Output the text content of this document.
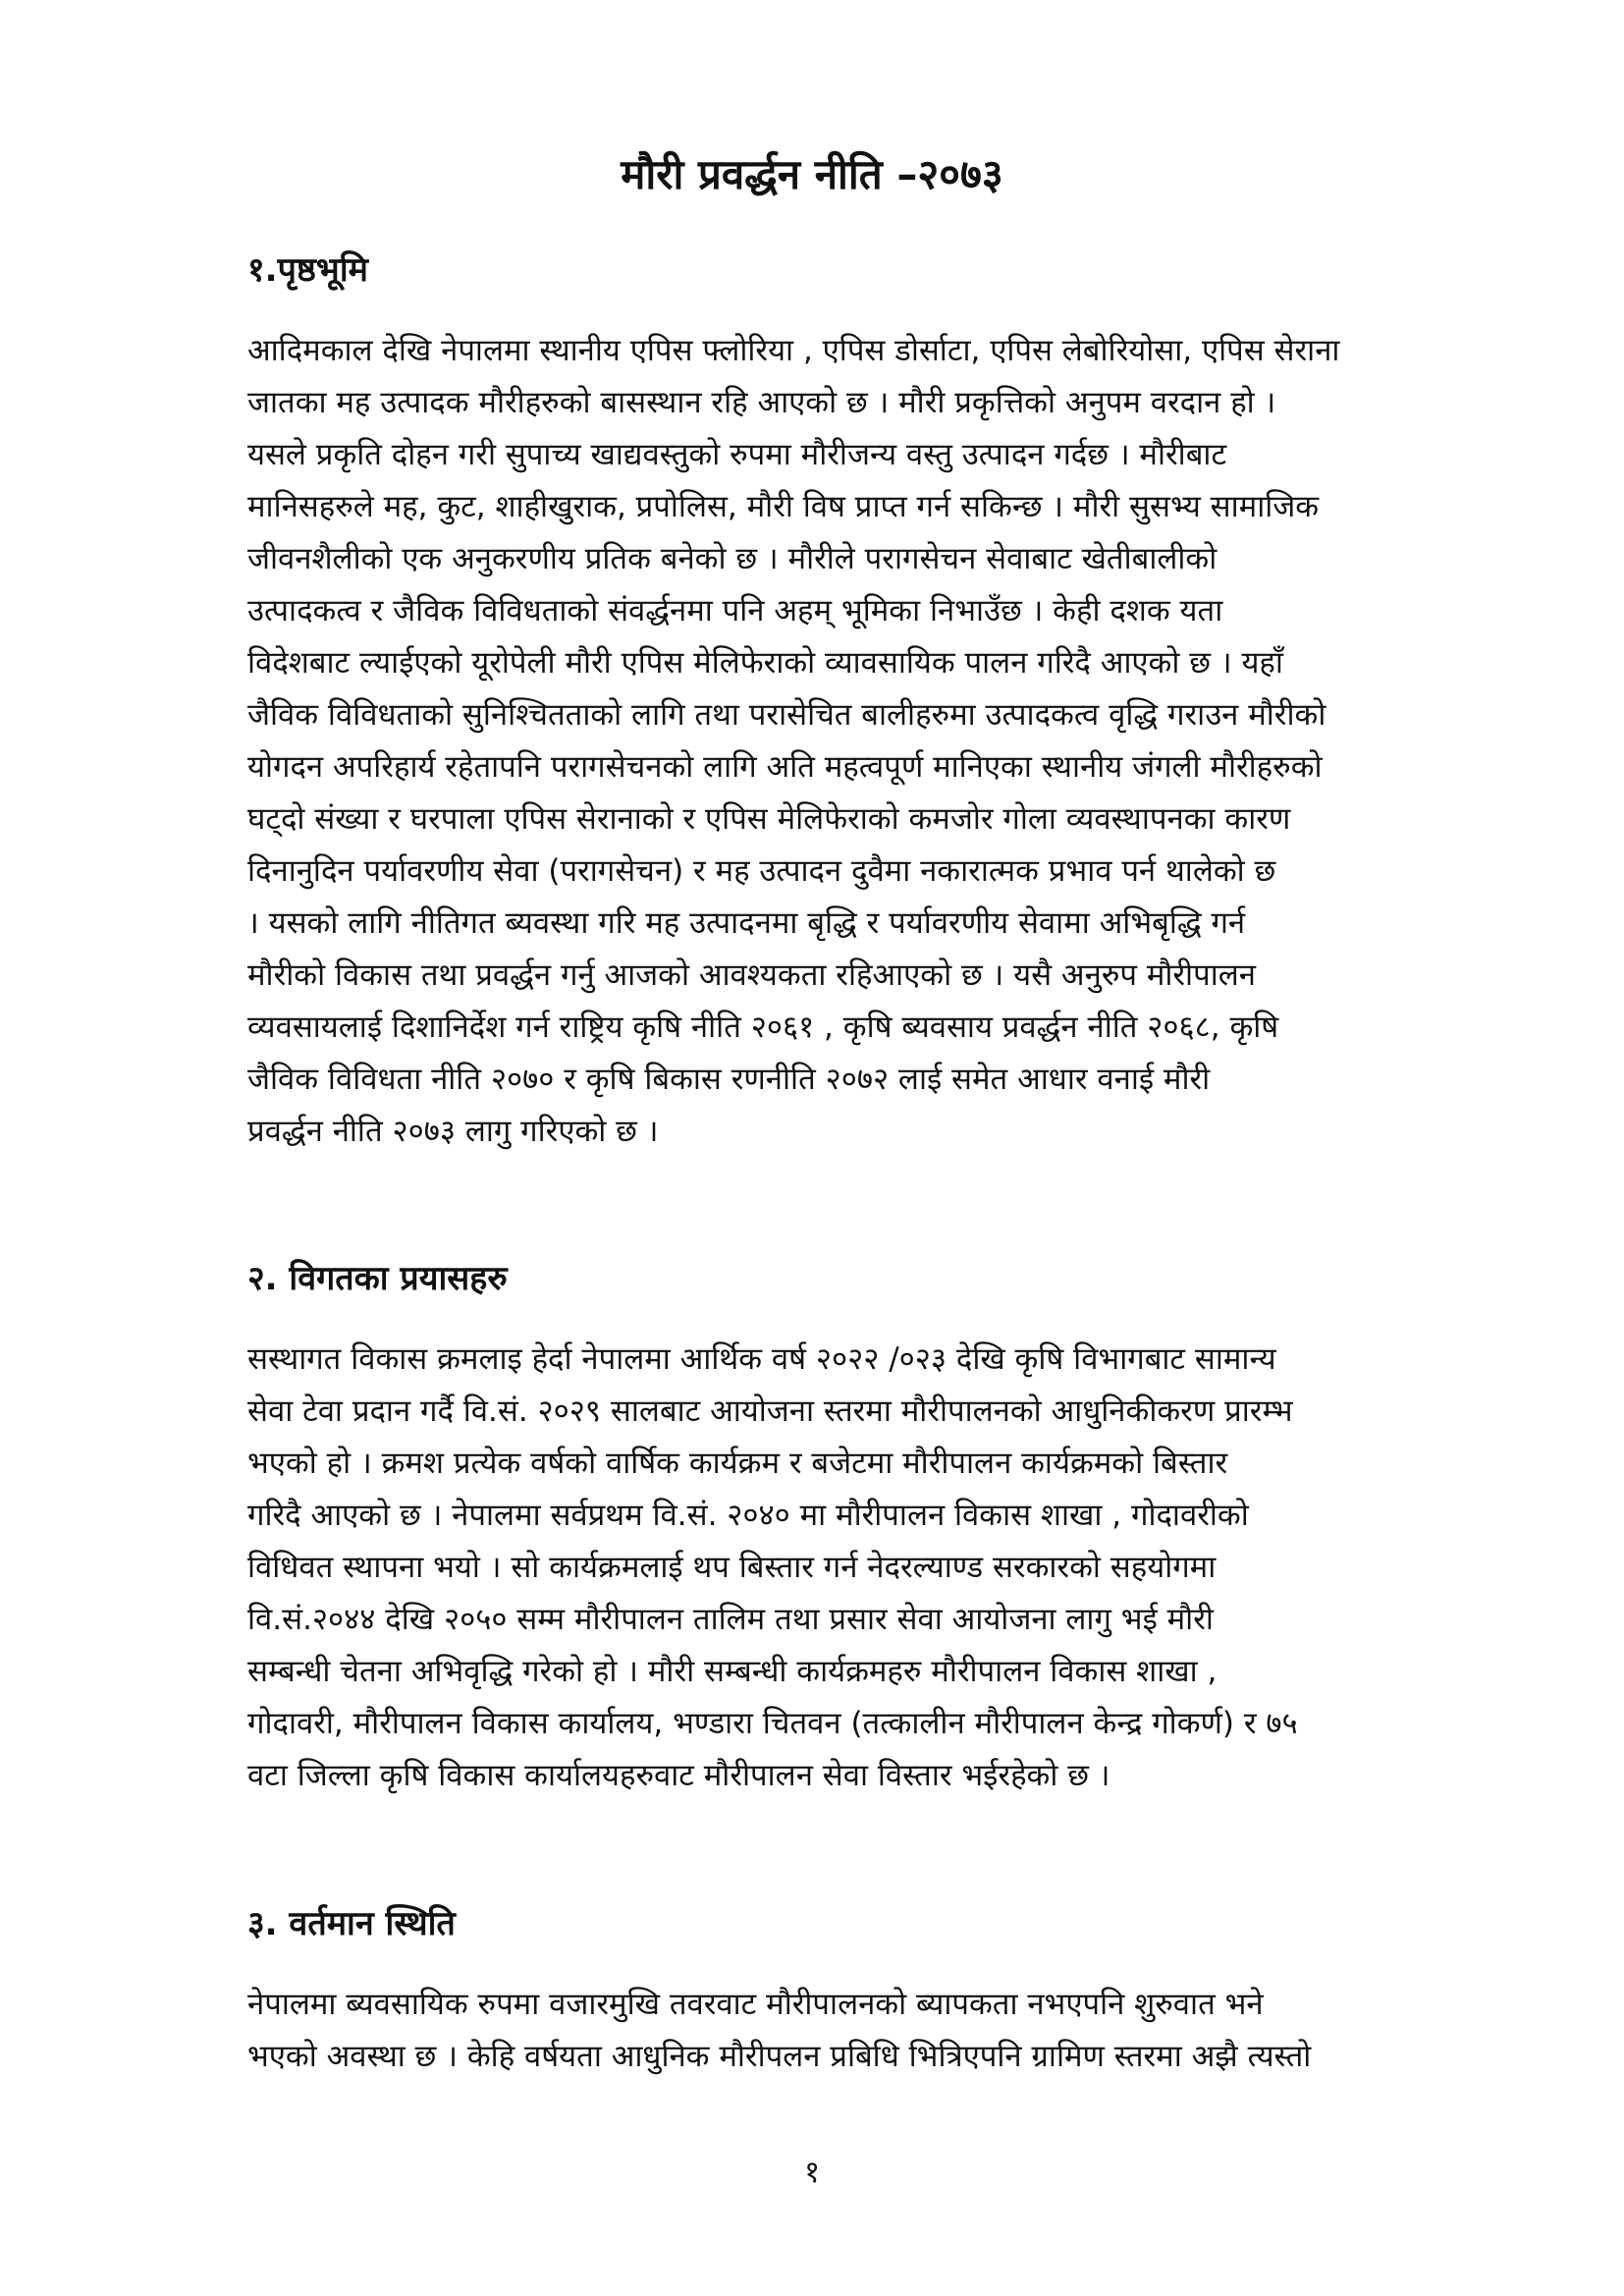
मौरी प्रवर्द्धन नीति –२०७३
१.पृष्ठभूमि
आदिमकाल देखि नेपालमा स्थानीय एपिस फ्लोरिया , एपिस डोर्साटा, एपिस लेबोरियोसा, एपिस सेराना
जातका मह उत्पादक मौरीहरुको बासस्थान रहि आएको छ । मौरी प्रकृत्तिको अनुपम वरदान हो ।
यसले प्रकृति दोहन गरी सुपाच्य खाद्यवस्तुको रुपमा मौरीजन्य वस्तु उत्पादन गर्दछ । मौरीबाट
मानिसहरुले मह, कुट, शाहीखुराक, प्रपोलिस, मौरी विष प्राप्त गर्न सकिन्छ । मौरी सुसभ्य सामाजिक
जीवनशैलीको एक अनुकरणीय प्रतिक बनेको छ । मौरीले परागसेचन सेवाबाट खेतीबालीको
उत्पादकत्व र जैविक विविधताको संवर्द्धनमा पनि अहम् भूमिका निभाउँछ । केही दशक यता
विदेशबाट ल्याईएको यूरोपेली मौरी एपिस मेलिफेराको व्यावसायिक पालन गरिदै आएको छ । यहाँ
जैविक विविधताको सुनिश्चितताको लागि तथा परासेचित बालीहरुमा उत्पादकत्व वृद्धि गराउन मौरीको
योगदन अपरिहार्य रहेतापनि परागसेचनको लागि अति महत्वपूर्ण मानिएका स्थानीय जंगली मौरीहरुको
घट्दो संख्या र घरपाला एपिस सेरानाको र एपिस मेलिफेराको कमजोर गोला व्यवस्थापनका कारण
दिनानुदिन पर्यावरणीय सेवा (परागसेचन) र मह उत्पादन दुवैमा नकारात्मक प्रभाव पर्न थालेको छ
। यसको लागि नीतिगत ब्यवस्था गरि मह उत्पादनमा बृद्धि र पर्यावरणीय सेवामा अभिबृद्धि गर्न
मौरीको विकास तथा प्रवर्द्धन गर्नु आजको आवश्यकता रहिआएको छ । यसै अनुरुप मौरीपालन
व्यवसायलाई दिशानिर्देश गर्न राष्ट्रिय कृषि नीति २०६१ , कृषि ब्यवसाय प्रवर्द्धन नीति २०६८, कृषि
जैविक विविधता नीति २०७० र कृषि बिकास रणनीति २०७२ लाई समेत आधार वनाई मौरी
प्रवर्द्धन नीति २०७३ लागु गरिएको छ ।
२. विगतका प्रयासहरु
सस्थागत विकास क्रमलाइ हेर्दा नेपालमा आर्थिक वर्ष २०२२ /०२३ देखि कृषि विभागबाट सामान्य
सेवा टेवा प्रदान गर्दै वि.सं. २०२९ सालबाट आयोजना स्तरमा मौरीपालनको आधुनिकीकरण प्रारम्भ
भएको हो । क्रमश प्रत्येक वर्षको वार्षिक कार्यक्रम र बजेटमा मौरीपालन कार्यक्रमको बिस्तार
गरिदै आएको छ । नेपालमा सर्वप्रथम वि.सं. २०४० मा मौरीपालन विकास शाखा , गोदावरीको
विधिवत स्थापना भयो । सो कार्यक्रमलाई थप बिस्तार गर्न नेदरल्याण्ड सरकारको सहयोगमा
वि.सं.२०४४ देखि २०५० सम्म मौरीपालन तालिम तथा प्रसार सेवा आयोजना लागु भई मौरी
सम्बन्धी चेतना अभिवृद्धि गरेको हो । मौरी सम्बन्धी कार्यक्रमहरु मौरीपालन विकास शाखा ,
गोदावरी, मौरीपालन विकास कार्यालय, भण्डारा चितवन (तत्कालीन मौरीपालन केन्द्र गोकर्ण) र ७५
वटा जिल्ला कृषि विकास कार्यालयहरुवाट मौरीपालन सेवा विस्तार भईरहेको छ ।
३. वर्तमान स्थिति
नेपालमा ब्यवसायिक रुपमा वजारमुखि तवरवाट मौरीपालनको ब्यापकता नभएपनि शुरुवात भने
भएको अवस्था छ । केहि वर्षयता आधुनिक मौरीपलन प्रबिधि भित्रिएपनि ग्रामिण स्तरमा अझै त्यस्तो
१
